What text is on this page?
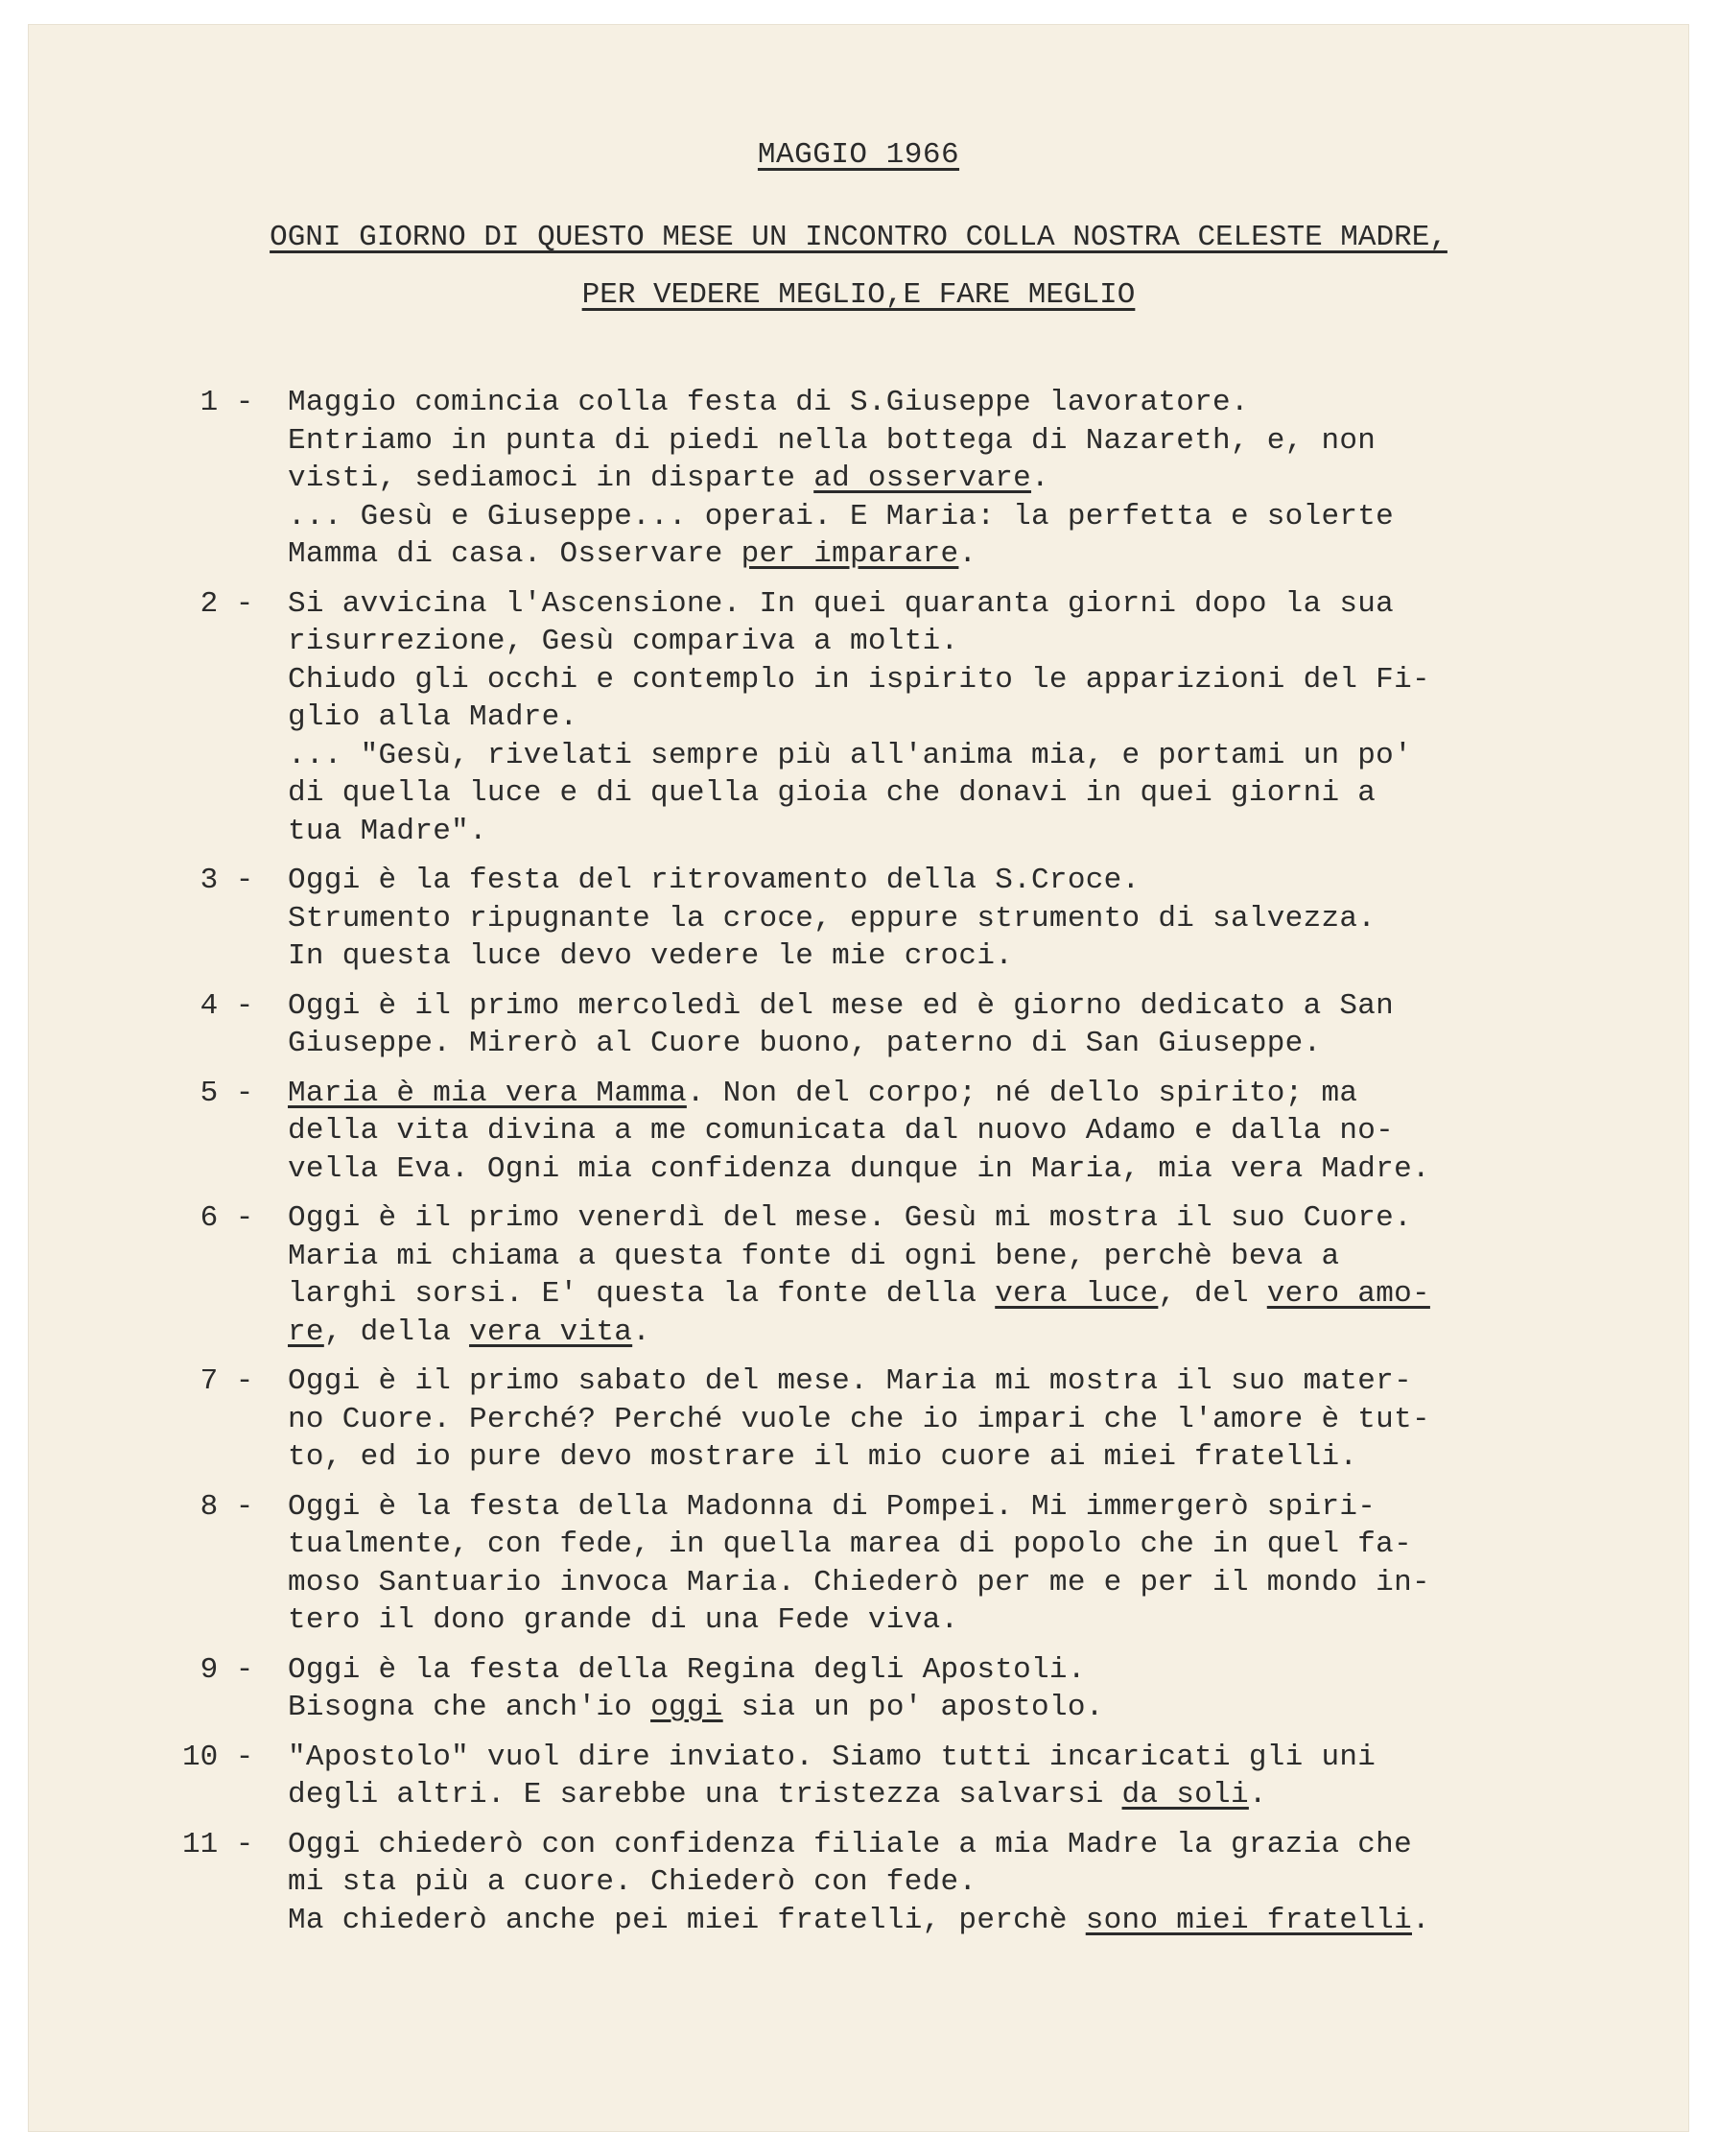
MAGGIO 1966
OGNI GIORNO DI QUESTO MESE UN INCONTRO COLLA NOSTRA CELESTE MADRE,
PER VEDERE MEGLIO,E FARE MEGLIO
1 -	Maggio comincia colla festa di S.Giuseppe lavoratore.
Entriamo in punta di piedi nella bottega di Nazareth, e, non
visti, sediamoci in disparte ad osservare.
... Gesù e Giuseppe... operai. E Maria: la perfetta e solerte
Mamma di casa. Osservare per imparare.
2 -	Si avvicina l'Ascensione. In quei quaranta giorni dopo la sua
risurrezione, Gesù compariva a molti.
Chiudo gli occhi e contemplo in ispirito le apparizioni del Fi-
glio alla Madre.
... "Gesù, rivelati sempre più all'anima mia, e portami un po'
di quella luce e di quella gioia che donavi in quei giorni a
tua Madre".
3 -	Oggi è la festa del ritrovamento della S.Croce.
Strumento ripugnante la croce, eppure strumento di salvezza.
In questa luce devo vedere le mie croci.
4 -	Oggi è il primo mercoledì del mese ed è giorno dedicato a San
Giuseppe. Mirerò al Cuore buono, paterno di San Giuseppe.
5 -	Maria è mia vera Mamma. Non del corpo; né dello spirito; ma
della vita divina a me comunicata dal nuovo Adamo e dalla no-
vella Eva. Ogni mia confidenza dunque in Maria, mia vera Madre.
6 -	Oggi è il primo venerdì del mese. Gesù mi mostra il suo Cuore.
Maria mi chiama a questa fonte di ogni bene, perchè beva a
larghi sorsi. E' questa la fonte della vera luce, del vero amo-
re, della vera vita.
7 -	Oggi è il primo sabato del mese. Maria mi mostra il suo mater-
no Cuore. Perché? Perché vuole che io impari che l'amore è tut-
to, ed io pure devo mostrare il mio cuore ai miei fratelli.
8 -	Oggi è la festa della Madonna di Pompei. Mi immergerò spiri-
tualmente, con fede, in quella marea di popolo che in quel fa-
moso Santuario invoca Maria. Chiederò per me e per il mondo in-
tero il dono grande di una Fede viva.
9 -	Oggi è la festa della Regina degli Apostoli.
Bisogna che anch'io oggi sia un po' apostolo.
10 -	"Apostolo" vuol dire inviato. Siamo tutti incaricati gli uni
degli altri. E sarebbe una tristezza salvarsi da soli.
11 -	Oggi chiederò con confidenza filiale a mia Madre la grazia che
mi sta più a cuore. Chiederò con fede.
Ma chiederò anche pei miei fratelli, perchè sono miei fratelli.
